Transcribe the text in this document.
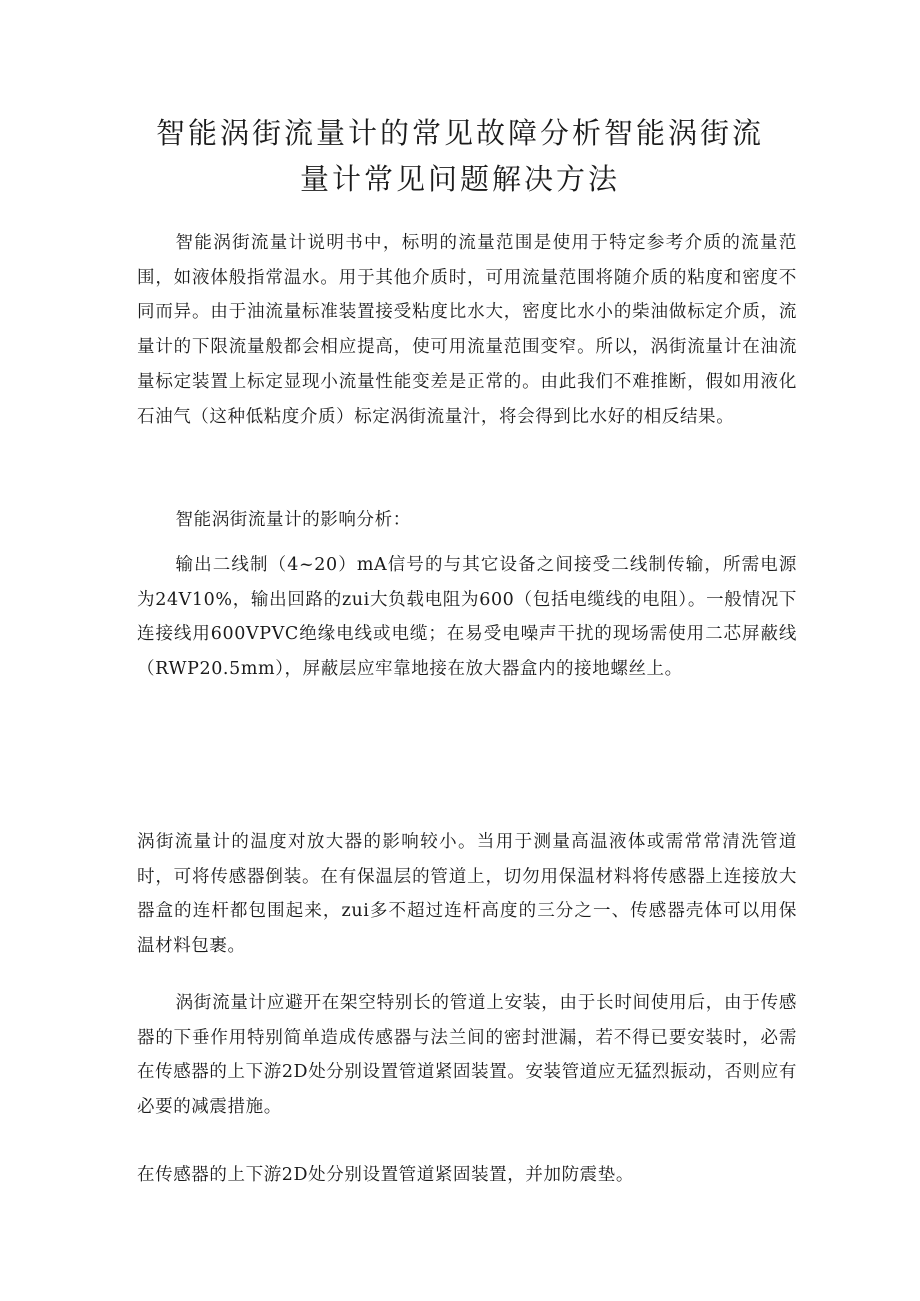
智能涡街流量计的常见故障分析智能涡街流
量计常见问题解决方法

智能涡街流量计说明书中，标明的流量范围是使用于特定参考介质的流量范围，如液体般指常温水。用于其他介质时，可用流量范围将随介质的粘度和密度不同而异。由于油流量标准装置接受粘度比水大，密度比水小的柴油做标定介质，流量计的下限流量般都会相应提高，使可用流量范围变窄。所以，涡街流量计在油流量标定装置上标定显现小流量性能变差是正常的。由此我们不难推断，假如用液化石油气（这种低粘度介质）标定涡街流量汁，将会得到比水好的相反结果。

智能涡街流量计的影响分析：

输出二线制（4~20）mA信号的与其它设备之间接受二线制传输，所需电源为24V10%，输出回路的zui大负载电阻为600（包括电缆线的电阻）。一般情况下连接线用600VPVC绝缘电线或电缆；在易受电噪声干扰的现场需使用二芯屏蔽线（RWP20.5mm），屏蔽层应牢靠地接在放大器盒内的接地螺丝上。

涡街流量计的温度对放大器的影响较小。当用于测量高温液体或需常常清洗管道时，可将传感器倒装。在有保温层的管道上，切勿用保温材料将传感器上连接放大器盒的连杆都包围起来，zui多不超过连杆高度的三分之一、传感器壳体可以用保温材料包裹。

涡街流量计应避开在架空特别长的管道上安装，由于长时间使用后，由于传感器的下垂作用特别简单造成传感器与法兰间的密封泄漏，若不得已要安装时，必需在传感器的上下游2D处分别设置管道紧固装置。安装管道应无猛烈振动，否则应有必要的减震措施。

在传感器的上下游2D处分别设置管道紧固装置，并加防震垫。
